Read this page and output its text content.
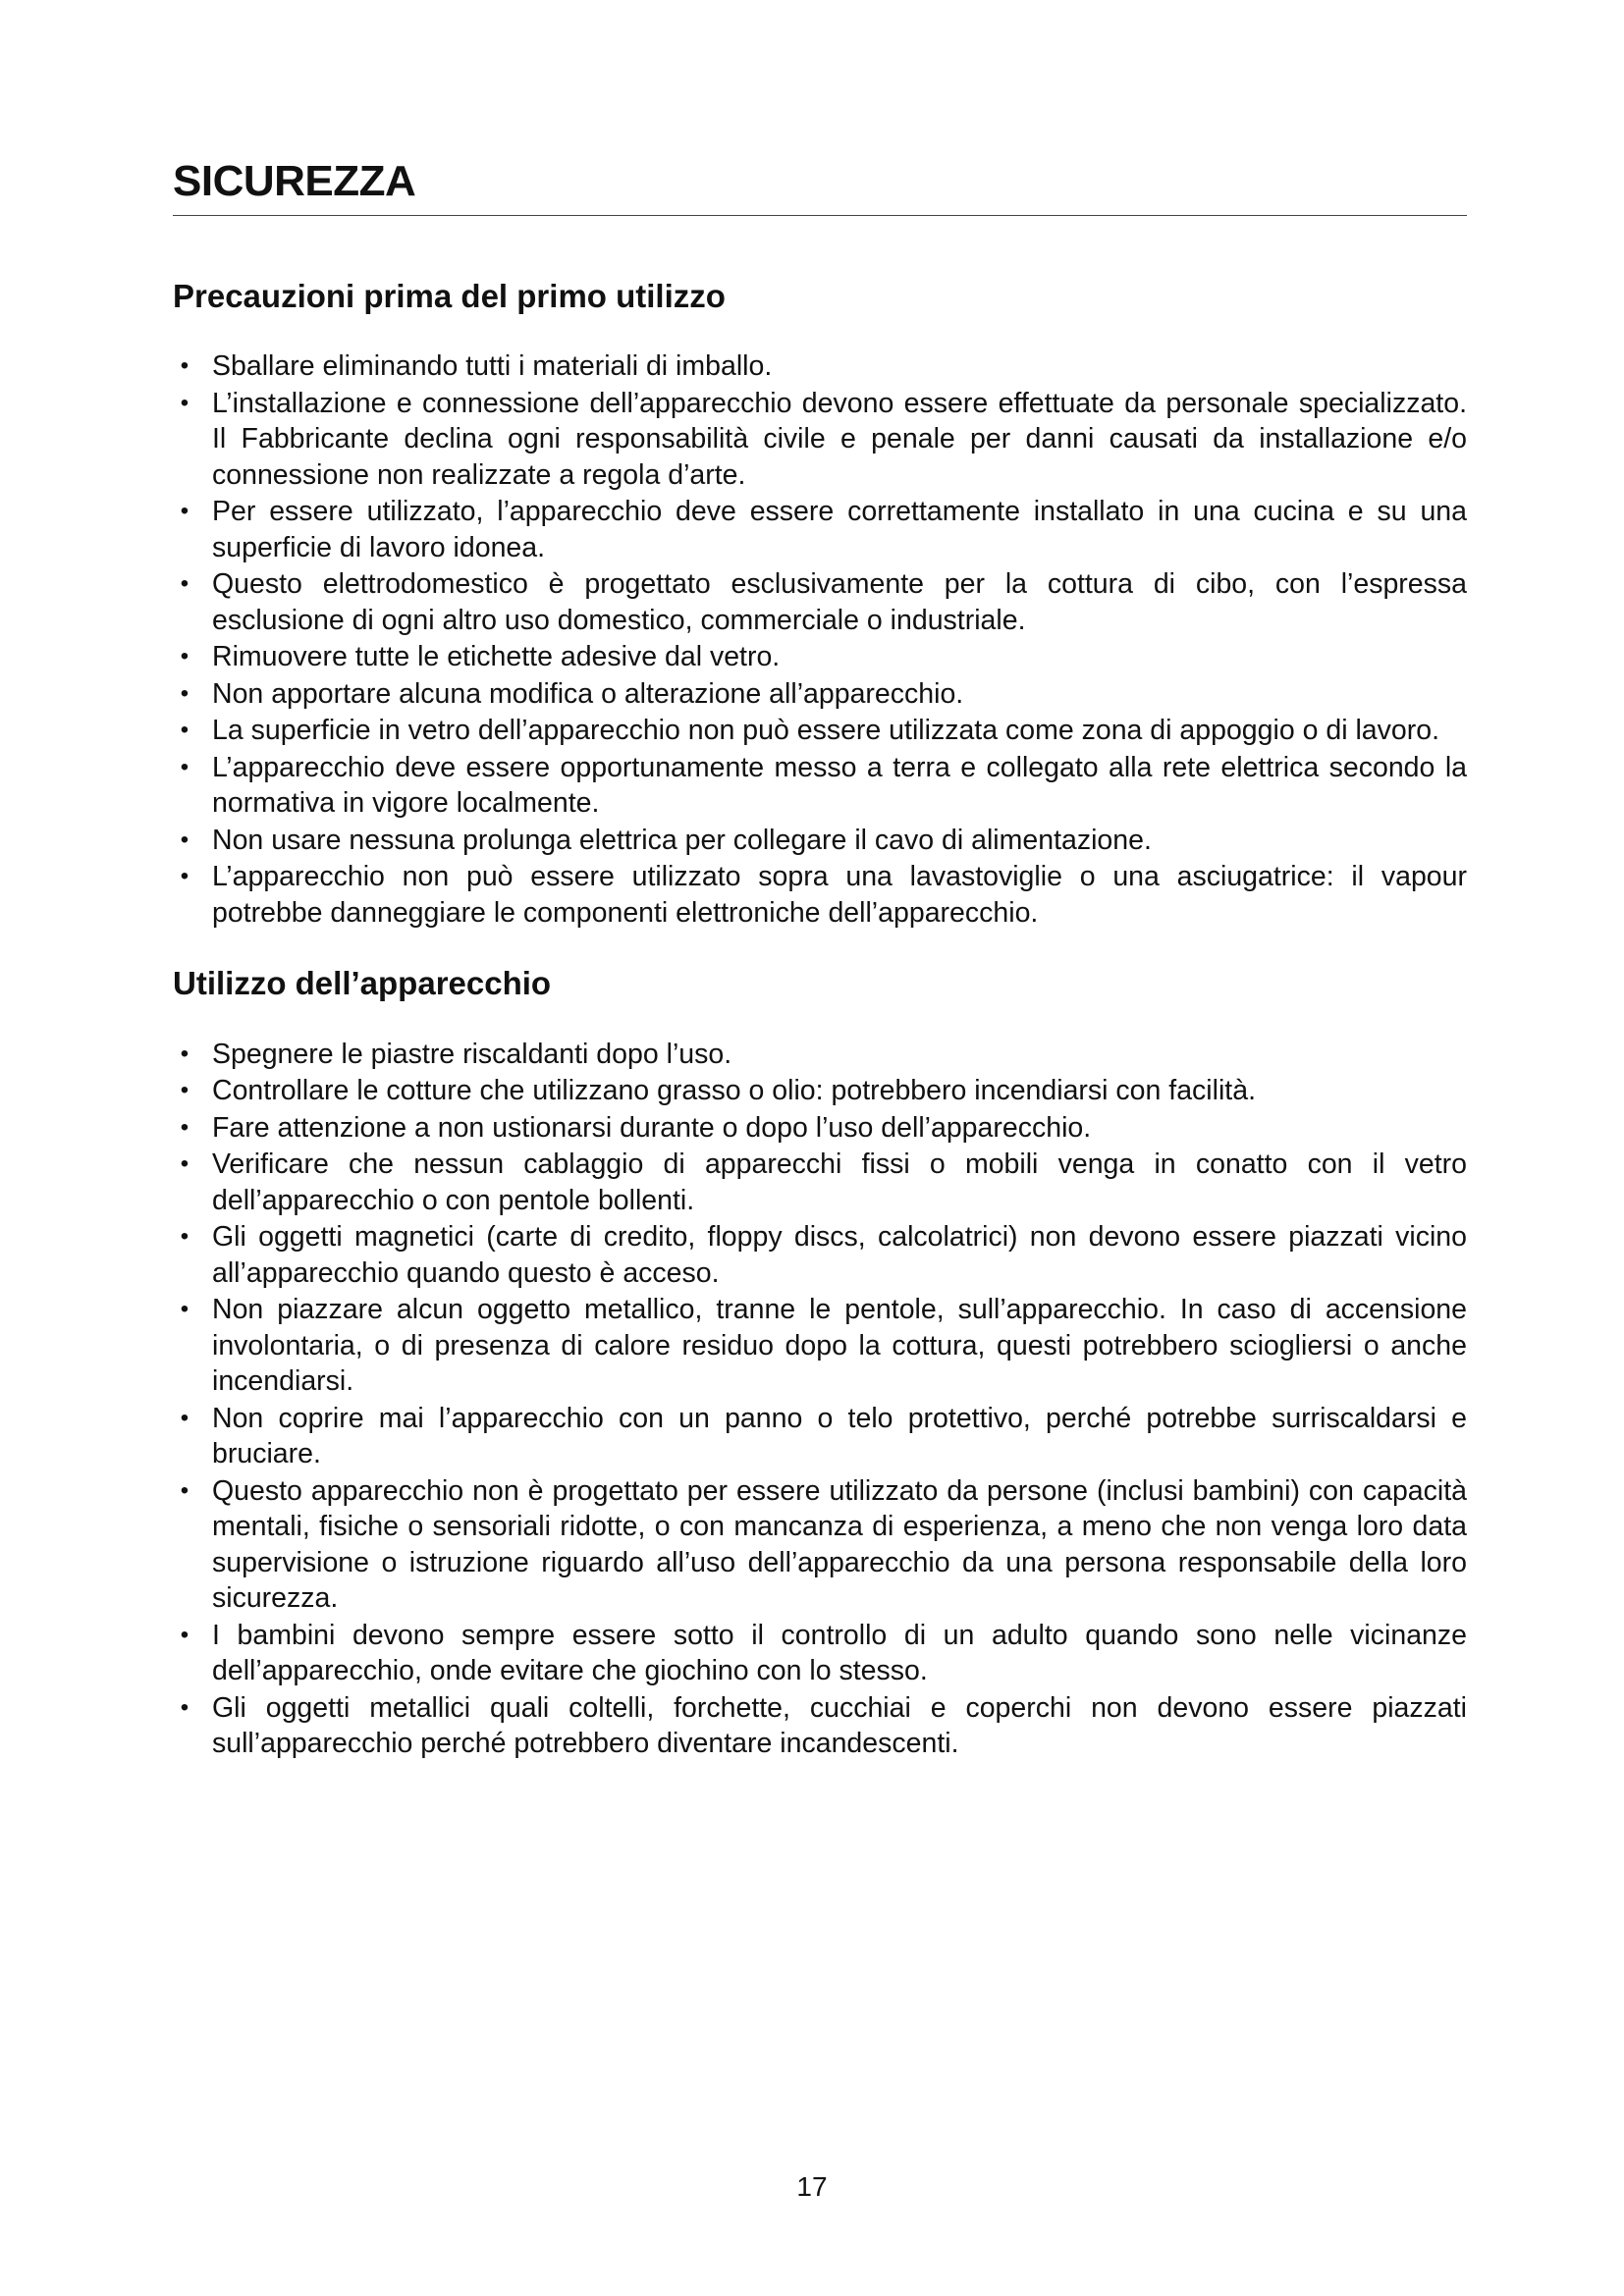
SICUREZZA
Precauzioni prima del primo utilizzo
• Sballare eliminando tutti i materiali di imballo.
• L’installazione e connessione dell’apparecchio devono essere effettuate da personale specializzato. Il Fabbricante declina ogni responsabilità civile e penale per danni causati da installazione e/o connessione non realizzate a regola d’arte.
• Per essere utilizzato, l’apparecchio deve essere correttamente installato in una cucina e su una superficie di lavoro idonea.
• Questo elettrodomestico è progettato esclusivamente per la cottura di cibo, con l’espressa esclusione di ogni altro uso domestico, commerciale o industriale.
• Rimuovere tutte le etichette adesive dal vetro.
• Non apportare alcuna modifica o alterazione all’apparecchio.
• La superficie in vetro dell’apparecchio non può essere utilizzata come zona di appoggio o di lavoro.
• L’apparecchio deve essere opportunamente messo a terra e collegato alla rete elettrica secondo la normativa in vigore localmente.
• Non usare nessuna prolunga elettrica per collegare il cavo di alimentazione.
• L’apparecchio non può essere utilizzato sopra una lavastoviglie o una asciugatrice: il vapour potrebbe danneggiare le componenti elettroniche dell’apparecchio.
Utilizzo dell’apparecchio
• Spegnere le piastre riscaldanti dopo l’uso.
• Controllare le cotture che utilizzano grasso o olio: potrebbero incendiarsi con facilità.
• Fare attenzione a non ustionarsi durante o dopo l’uso dell’apparecchio.
• Verificare che nessun cablaggio di apparecchi fissi o mobili venga in conatto con il vetro dell’apparecchio o con pentole bollenti.
• Gli oggetti magnetici (carte di credito, floppy discs, calcolatrici) non devono essere piazzati vicino all’apparecchio quando questo è acceso.
• Non piazzare alcun oggetto metallico, tranne le pentole, sull’apparecchio. In caso di accensione involontaria, o di presenza di calore residuo dopo la cottura, questi potrebbero sciogliersi o anche incendiarsi.
• Non coprire mai l’apparecchio con un panno o telo protettivo, perché potrebbe surriscaldarsi e bruciare.
• Questo apparecchio non è progettato per essere utilizzato da persone (inclusi bambini) con capacità mentali, fisiche o sensoriali ridotte, o con mancanza di esperienza, a meno che non venga loro data supervisione o istruzione riguardo all’uso dell’apparecchio da una persona responsabile della loro sicurezza.
• I bambini devono sempre essere sotto il controllo di un adulto quando sono nelle vicinanze dell’apparecchio, onde evitare che giochino con lo stesso.
• Gli oggetti metallici quali coltelli, forchette, cucchiai e coperchi non devono essere piazzati sull’apparecchio perché potrebbero diventare incandescenti.
17
